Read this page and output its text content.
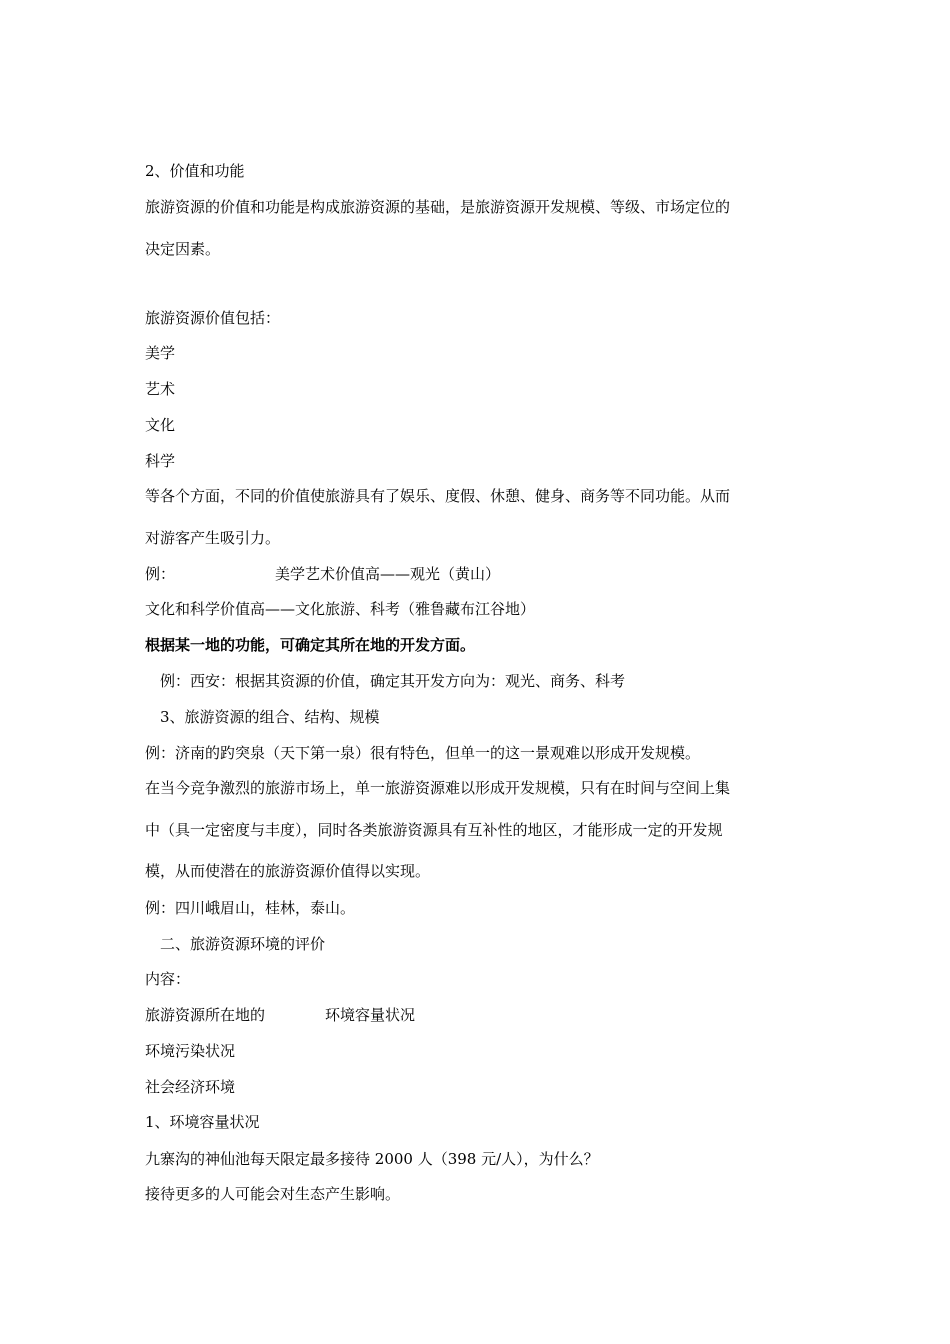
2、价值和功能
旅游资源的价值和功能是构成旅游资源的基础，是旅游资源开发规模、等级、市场定位的
决定因素。
旅游资源价值包括：
美学
艺术
文化
科学
等各个方面，不同的价值使旅游具有了娱乐、度假、休憩、健身、商务等不同功能。从而
对游客产生吸引力。
例：	美学艺术价值高——观光（黄山）
文化和科学价值高——文化旅游、科考（雅鲁藏布江谷地）
根据某一地的功能，可确定其所在地的开发方面。
例：西安：根据其资源的价值，确定其开发方向为：观光、商务、科考
3、旅游资源的组合、结构、规模
例：济南的趵突泉（天下第一泉）很有特色，但单一的这一景观难以形成开发规模。
在当今竞争激烈的旅游市场上，单一旅游资源难以形成开发规模，只有在时间与空间上集
中（具一定密度与丰度），同时各类旅游资源具有互补性的地区，才能形成一定的开发规
模，从而使潜在的旅游资源价值得以实现。
例：四川峨眉山，桂林，泰山。
二、旅游资源环境的评价
内容：
旅游资源所在地的	环境容量状况
环境污染状况
社会经济环境
1、环境容量状况
九寨沟的神仙池每天限定最多接待 2000 人（398 元/人），为什么？
接待更多的人可能会对生态产生影响。
